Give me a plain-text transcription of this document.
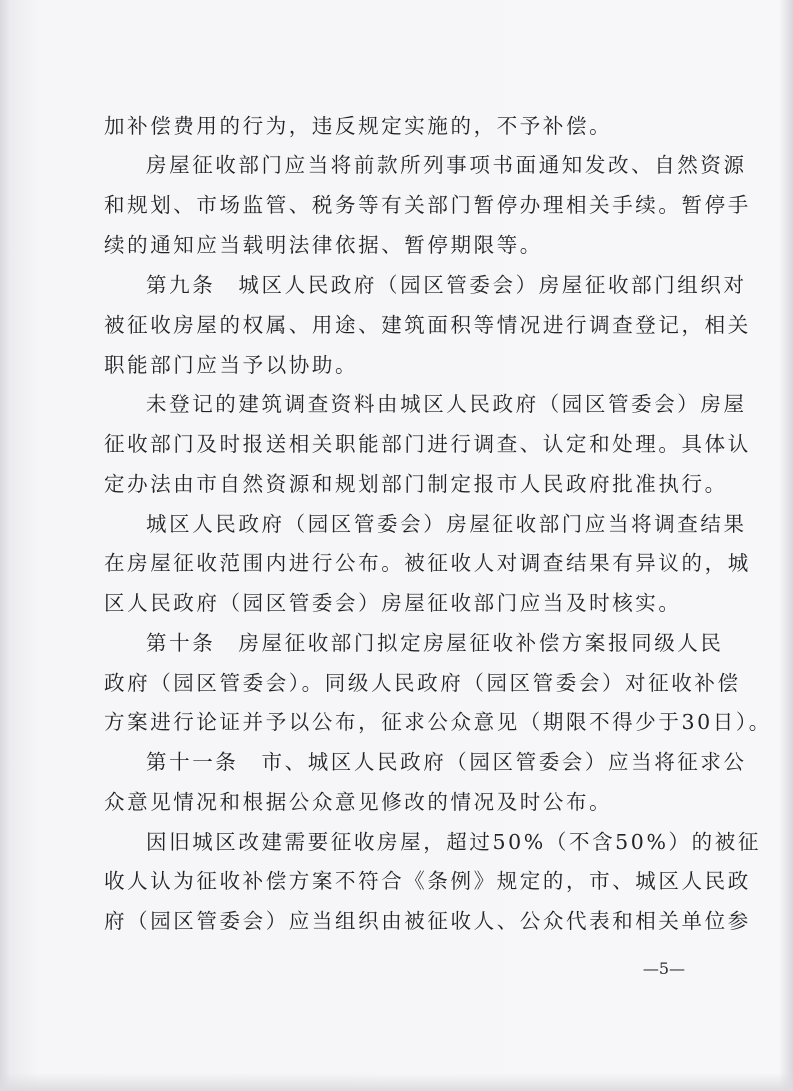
加补偿费用的行为，违反规定实施的，不予补偿。
房屋征收部门应当将前款所列事项书面通知发改、自然资源
和规划、市场监管、税务等有关部门暂停办理相关手续。暂停手
续的通知应当载明法律依据、暂停期限等。
第九条　城区人民政府（园区管委会）房屋征收部门组织对
被征收房屋的权属、用途、建筑面积等情况进行调查登记，相关
职能部门应当予以协助。
未登记的建筑调查资料由城区人民政府（园区管委会）房屋
征收部门及时报送相关职能部门进行调查、认定和处理。具体认
定办法由市自然资源和规划部门制定报市人民政府批准执行。
城区人民政府（园区管委会）房屋征收部门应当将调查结果
在房屋征收范围内进行公布。被征收人对调查结果有异议的，城
区人民政府（园区管委会）房屋征收部门应当及时核实。
第十条　房屋征收部门拟定房屋征收补偿方案报同级人民
政府（园区管委会）。同级人民政府（园区管委会）对征收补偿
方案进行论证并予以公布，征求公众意见（期限不得少于30日）。
第十一条　市、城区人民政府（园区管委会）应当将征求公
众意见情况和根据公众意见修改的情况及时公布。
因旧城区改建需要征收房屋，超过50%（不含50%）的被征
收人认为征收补偿方案不符合《条例》规定的，市、城区人民政
府（园区管委会）应当组织由被征收人、公众代表和相关单位参
—5—
